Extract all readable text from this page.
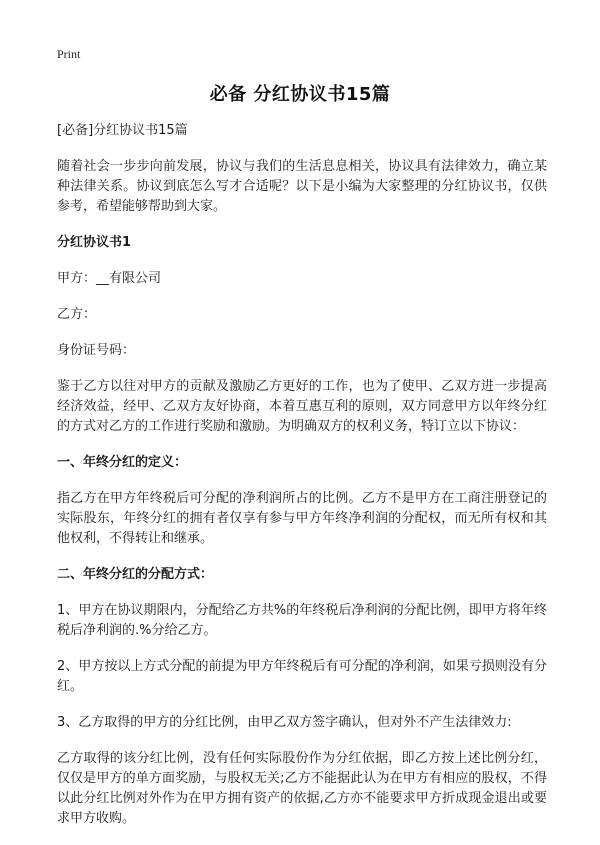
Print
必备 分红协议书15篇

[必备]分红协议书15篇

随着社会一步步向前发展，协议与我们的生活息息相关，协议具有法律效力，确立某种法律关系。协议到底怎么写才合适呢？以下是小编为大家整理的分红协议书，仅供参考，希望能够帮助到大家。

分红协议书1

甲方：__有限公司

乙方：

身份证号码：

鉴于乙方以往对甲方的贡献及激励乙方更好的工作，也为了使甲、乙双方进一步提高经济效益，经甲、乙双方友好协商，本着互惠互利的原则，双方同意甲方以年终分红的方式对乙方的工作进行奖励和激励。为明确双方的权利义务，特订立以下协议：

一、年终分红的定义：

指乙方在甲方年终税后可分配的净利润所占的比例。乙方不是甲方在工商注册登记的实际股东，年终分红的拥有者仅享有参与甲方年终净利润的分配权，而无所有权和其他权利，不得转让和继承。

二、年终分红的分配方式：

1、甲方在协议期限内，分配给乙方共%的年终税后净利润的分配比例，即甲方将年终税后净利润的.%分给乙方。

2、甲方按以上方式分配的前提为甲方年终税后有可分配的净利润，如果亏损则没有分红。

3、乙方取得的甲方的分红比例，由甲乙双方签字确认，但对外不产生法律效力:

乙方取得的该分红比例，没有任何实际股份作为分红依据，即乙方按上述比例分红，仅仅是甲方的单方面奖励，与股权无关;乙方不能据此认为在甲方有相应的股权，不得以此分红比例对外作为在甲方拥有资产的依据,乙方亦不能要求甲方折成现金退出或要求甲方收购。
